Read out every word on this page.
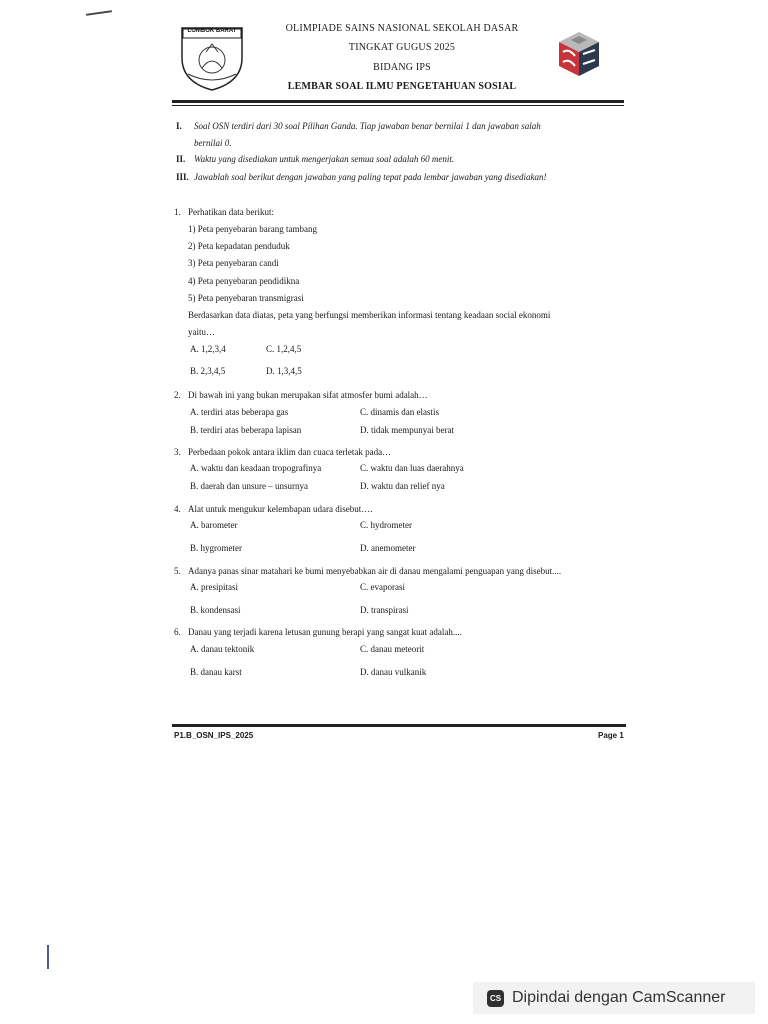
LOMBOK BARAT	OLIMPIADE SAINS NASIONAL SEKOLAH DASAR
TINGKAT GUGUS 2025
BIDANG IPS
LEMBAR SOAL ILMU PENGETAHUAN SOSIAL
I. Soal OSN terdiri dari 30 soal Pilihan Ganda. Tiap jawaban benar bernilai 1 dan jawaban salah
bernilai 0.
II. Waktu yang disediakan untuk mengerjakan semua soal adalah 60 menit.
III. Jawablah soal berikut dengan jawaban yang paling tepat pada lembar jawaban yang disediakan!
1. Perhatikan data berikut:
1) Peta penyebaran barang tambang
2) Peta kepadatan penduduk
3) Peta penyebaran candi
4) Peta penyebaran pendidikna
5) Peta penyebaran transmigrasi
Berdasarkan data diatas, peta yang berfungsi memberikan informasi tentang keadaan social ekonomi
yaitu…
A. 1,2,3,4	C. 1,2,4,5
B. 2,3,4,5	D. 1,3,4,5
2. Di bawah ini yang bukan merupakan sifat atmosfer bumi adalah…
A. terdiri atas beberapa gas	C. dinamis dan elastis
B. terdiri atas beberapa lapisan	D. tidak mempunyai berat
3. Perbedaan pokok antara iklim dan cuaca terletak pada…
A. waktu dan keadaan tropografinya	C. waktu dan luas daerahnya
B. daerah dan unsure – unsurnya	D. waktu dan relief nya
4. Alat untuk mengukur kelembapan udara disebut….
A. barometer	C. hydrometer
B. hygrometer	D. anemometer
5. Adanya panas sinar matahari ke bumi menyebabkan air di danau mengalami penguapan yang disebut....
A. presipitasi	C. evaporasi
B. kondensasi	D. transpirasi
6. Danau yang terjadi karena letusan gunung berapi yang sangat kuat adalah....
A. danau tektonik	C. danau meteorit
B. danau karst	D. danau vulkanik
P1.B_OSN_IPS_2025	Page 1
CS Dipindai dengan CamScanner
